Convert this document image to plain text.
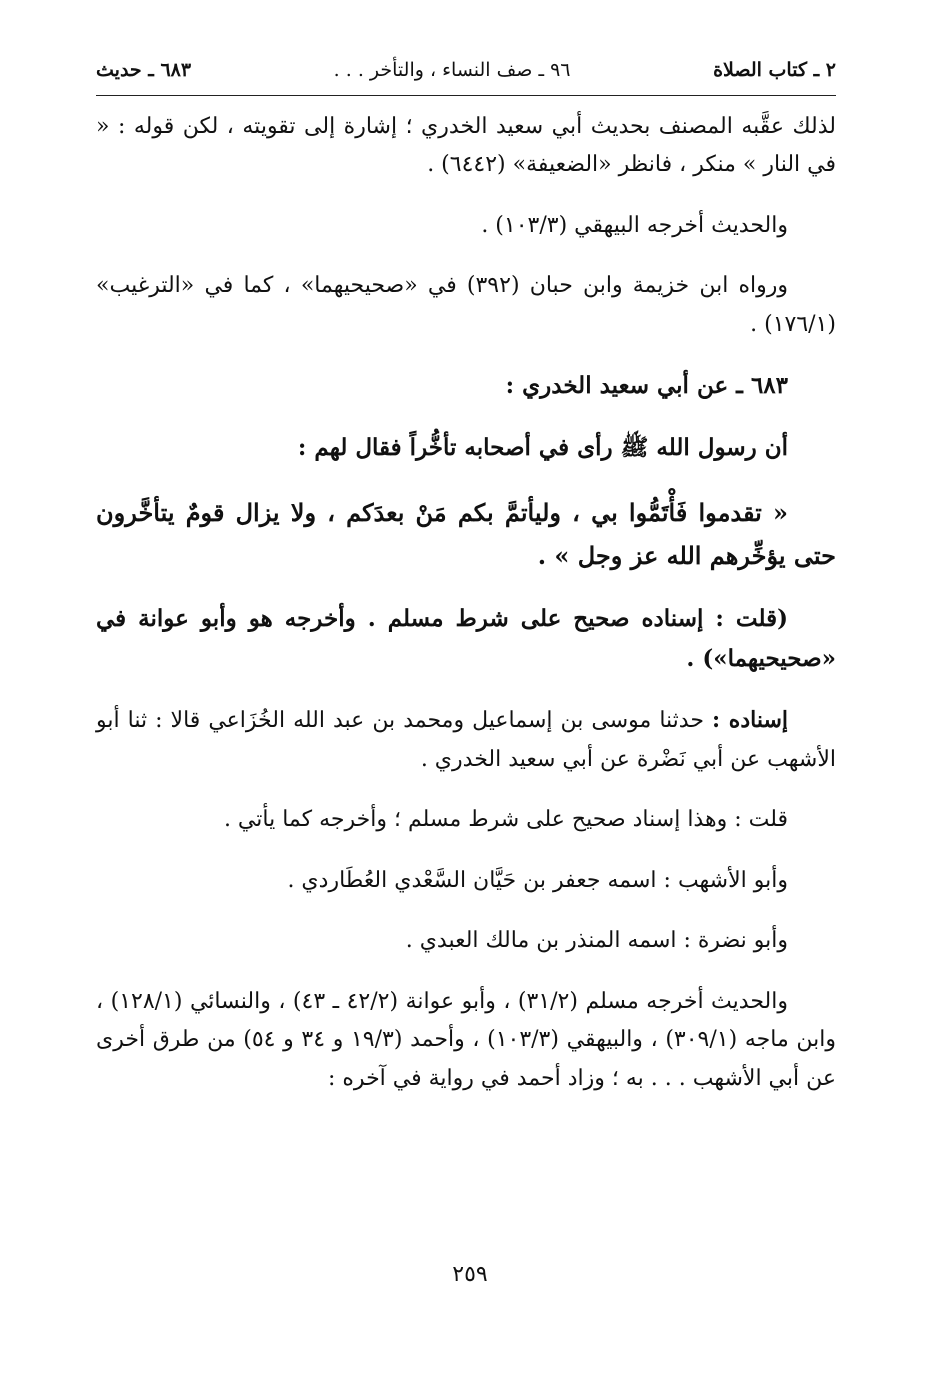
٢ ـ كتاب الصلاة
٩٦ ـ صف النساء ، والتأخر . . .
٦٨٣ ـ حديث

لذلك عقَّبه المصنف بحديث أبي سعيد الخدري ؛ إشارة إلى تقويته ، لكن قوله : « في النار » منكر ، فانظر «الضعيفة» (٦٤٤٢) .

والحديث أخرجه البيهقي (١٠٣/٣) .

ورواه ابن خزيمة وابن حبان (٣٩٢) في «صحيحيهما» ، كما في «الترغيب» (١٧٦/١) .

٦٨٣ ـ عن أبي سعيد الخدري :

أن رسول الله ﷺ رأى في أصحابه تأخُّراً فقال لهم :

« تقدموا فَأْتَمُّوا بي ، وليأتمَّ بكم مَنْ بعدَكم ، ولا يزال قومٌ يتأخَّرون حتى يؤخِّرهم الله عز وجل » .

(قلت : إسناده صحيح على شرط مسلم . وأخرجه هو وأبو عوانة في «صحيحيهما») .

إسناده : حدثنا موسى بن إسماعيل ومحمد بن عبد الله الخُزَاعي قالا : ثنا أبو الأشهب عن أبي نَضْرة عن أبي سعيد الخدري .

قلت : وهذا إسناد صحيح على شرط مسلم ؛ وأخرجه كما يأتي .

وأبو الأشهب : اسمه جعفر بن حَيَّان السَّعْدي العُطَاردي .

وأبو نضرة : اسمه المنذر بن مالك العبدي .

والحديث أخرجه مسلم (٣١/٢) ، وأبو عوانة (٤٢/٢ ـ ٤٣) ، والنسائي (١٢٨/١) ، وابن ماجه (٣٠٩/١) ، والبيهقي (١٠٣/٣) ، وأحمد (١٩/٣ و ٣٤ و ٥٤) من طرق أخرى عن أبي الأشهب . . . به ؛ وزاد أحمد في رواية في آخره :

٢٥٩
